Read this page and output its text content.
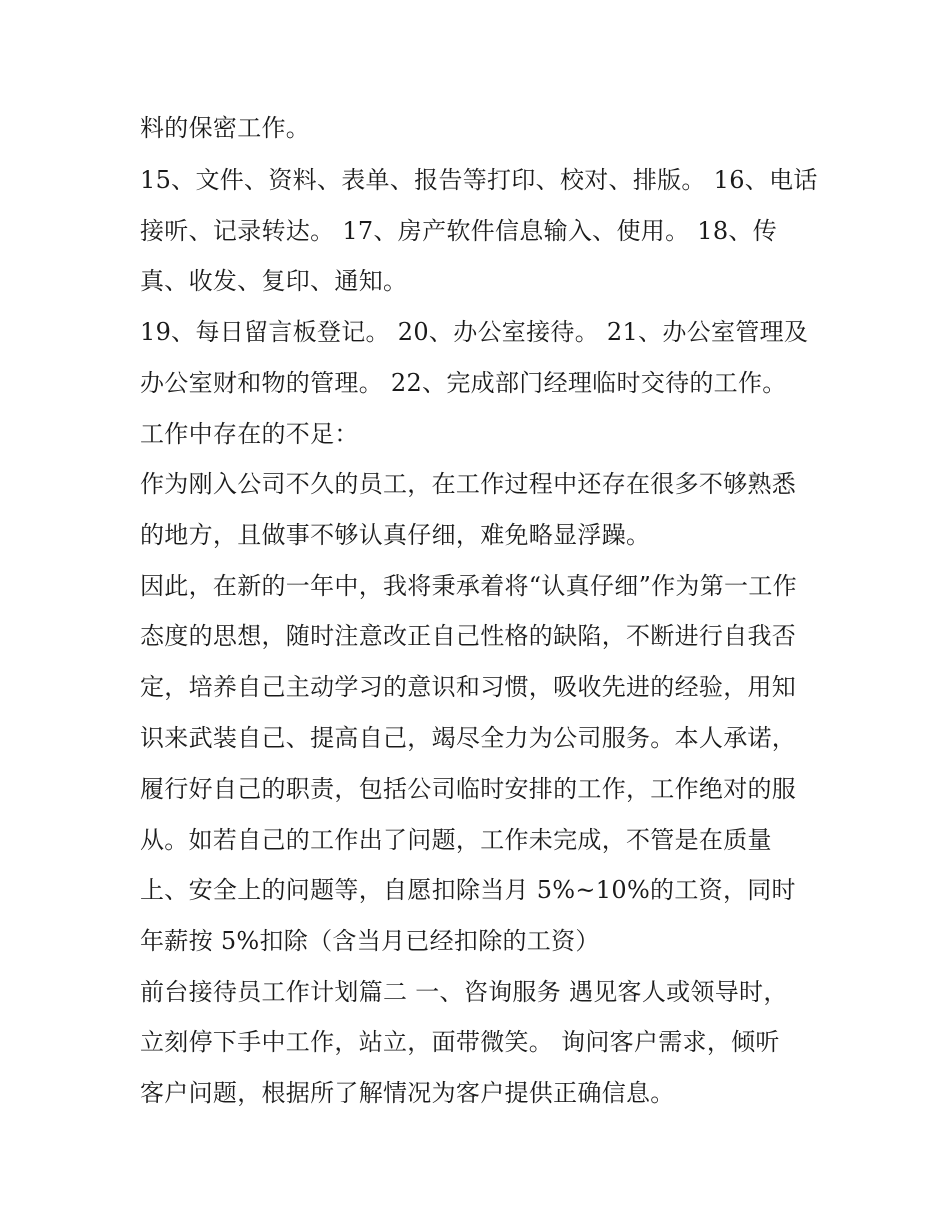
料的保密工作。
15、文件、资料、表单、报告等打印、校对、排版。 16、电话
接听、记录转达。 17、房产软件信息输入、使用。 18、传
真、收发、复印、通知。
19、每日留言板登记。 20、办公室接待。 21、办公室管理及
办公室财和物的管理。 22、完成部门经理临时交待的工作。
工作中存在的不足：
作为刚入公司不久的员工，在工作过程中还存在很多不够熟悉
的地方，且做事不够认真仔细，难免略显浮躁。
因此，在新的一年中，我将秉承着将“认真仔细”作为第一工作
态度的思想，随时注意改正自己性格的缺陷，不断进行自我否
定，培养自己主动学习的意识和习惯，吸收先进的经验，用知
识来武装自己、提高自己，竭尽全力为公司服务。本人承诺，
履行好自己的职责，包括公司临时安排的工作，工作绝对的服
从。如若自己的工作出了问题，工作未完成，不管是在质量
上、安全上的问题等，自愿扣除当月 5%~10%的工资，同时
年薪按 5%扣除（含当月已经扣除的工资）
前台接待员工作计划篇二 一、咨询服务 遇见客人或领导时，
立刻停下手中工作，站立，面带微笑。 询问客户需求，倾听
客户问题，根据所了解情况为客户提供正确信息。
